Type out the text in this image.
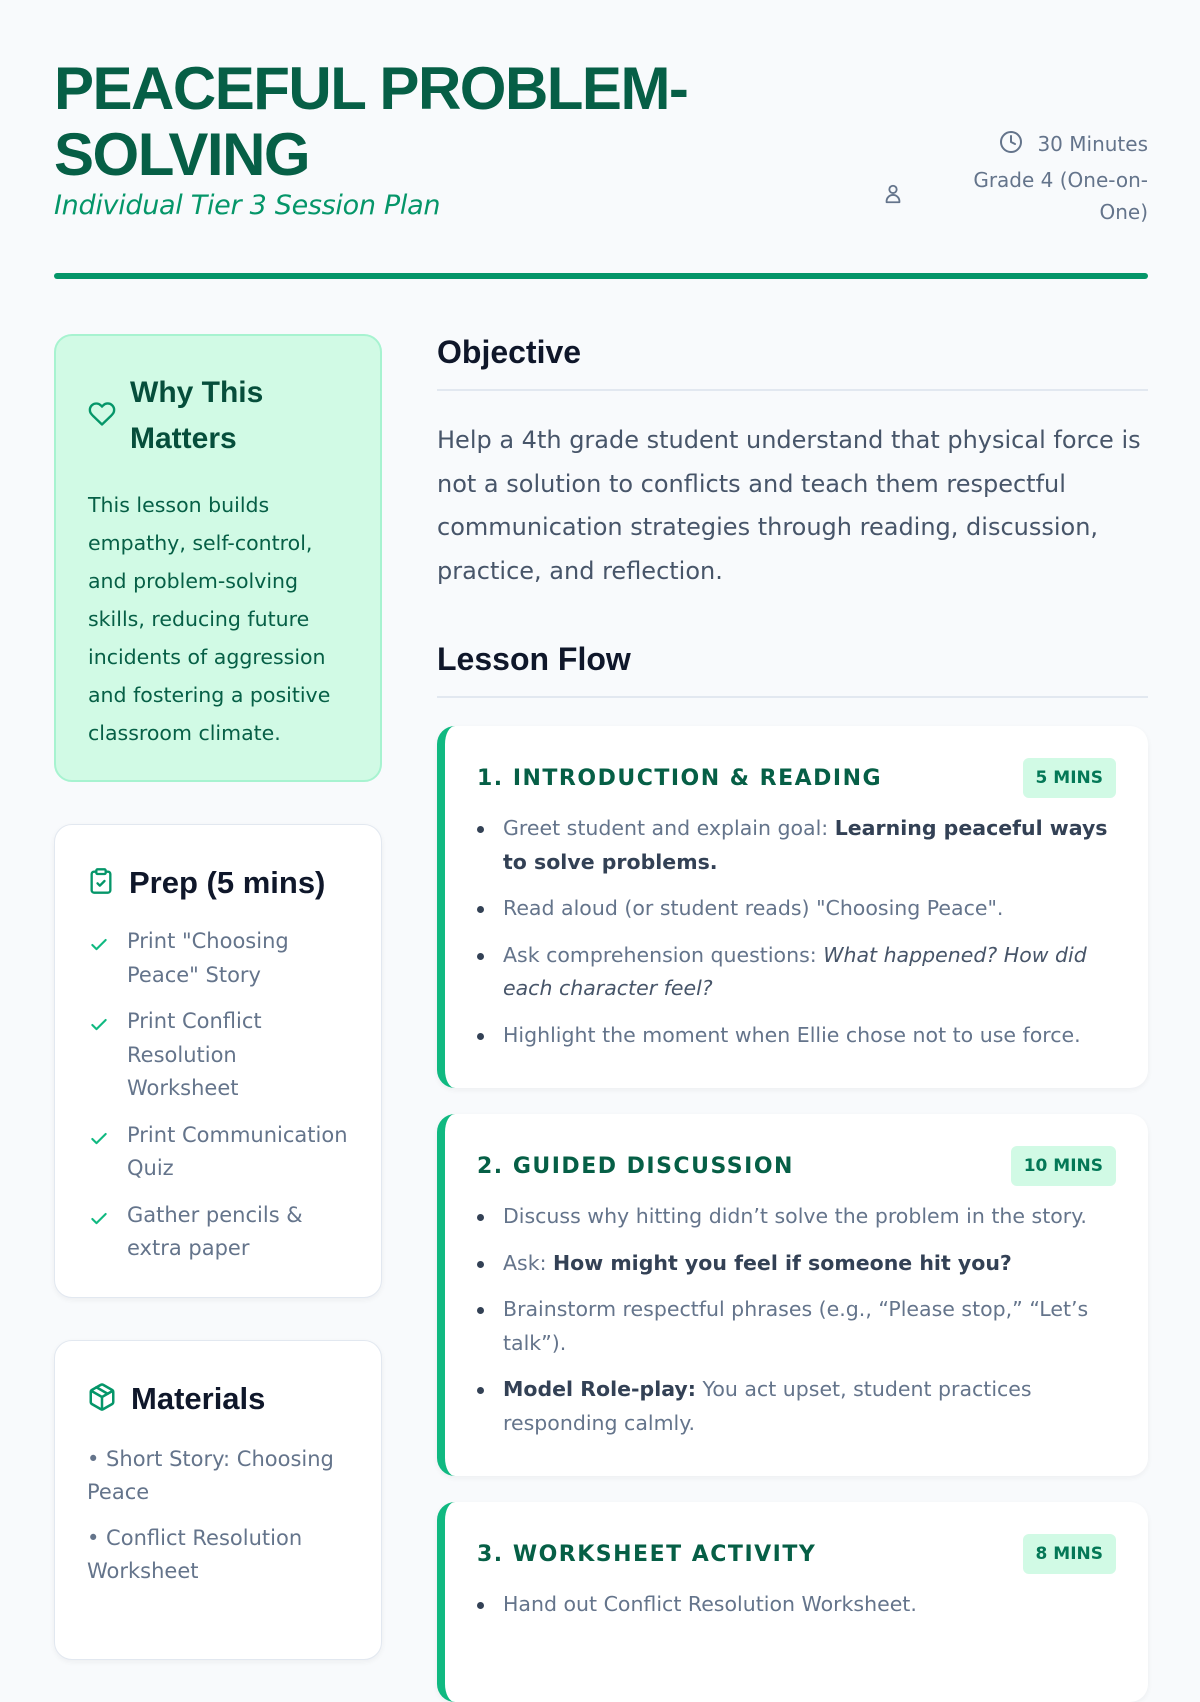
PEACEFUL PROBLEM-SOLVING
Individual Tier 3 Session Plan
30 Minutes
Grade 4 (One-on-One)
Why This Matters

This lesson builds empathy, self-control, and problem-solving skills, reducing future incidents of aggression and fostering a positive classroom climate.

Prep (5 mins)
Print "Choosing Peace" Story
Print Conflict Resolution Worksheet
Print Communication Quiz
Gather pencils & extra paper
Materials
• Short Story: Choosing Peace
• Conflict Resolution Worksheet
Objective

Help a 4th grade student understand that physical force is not a solution to conflicts and teach them respectful communication strategies through reading, discussion, practice, and reflection.

Lesson Flow
1. INTRODUCTION & READING	5 MINS
Greet student and explain goal: Learning peaceful ways to solve problems.
Read aloud (or student reads) "Choosing Peace".
Ask comprehension questions: What happened? How did each character feel?
Highlight the moment when Ellie chose not to use force.
2. GUIDED DISCUSSION	10 MINS
Discuss why hitting didn’t solve the problem in the story.
Ask: How might you feel if someone hit you?
Brainstorm respectful phrases (e.g., “Please stop,” “Let’s talk”).
Model Role-play: You act upset, student practices responding calmly.
3. WORKSHEET ACTIVITY	8 MINS
Hand out Conflict Resolution Worksheet.
